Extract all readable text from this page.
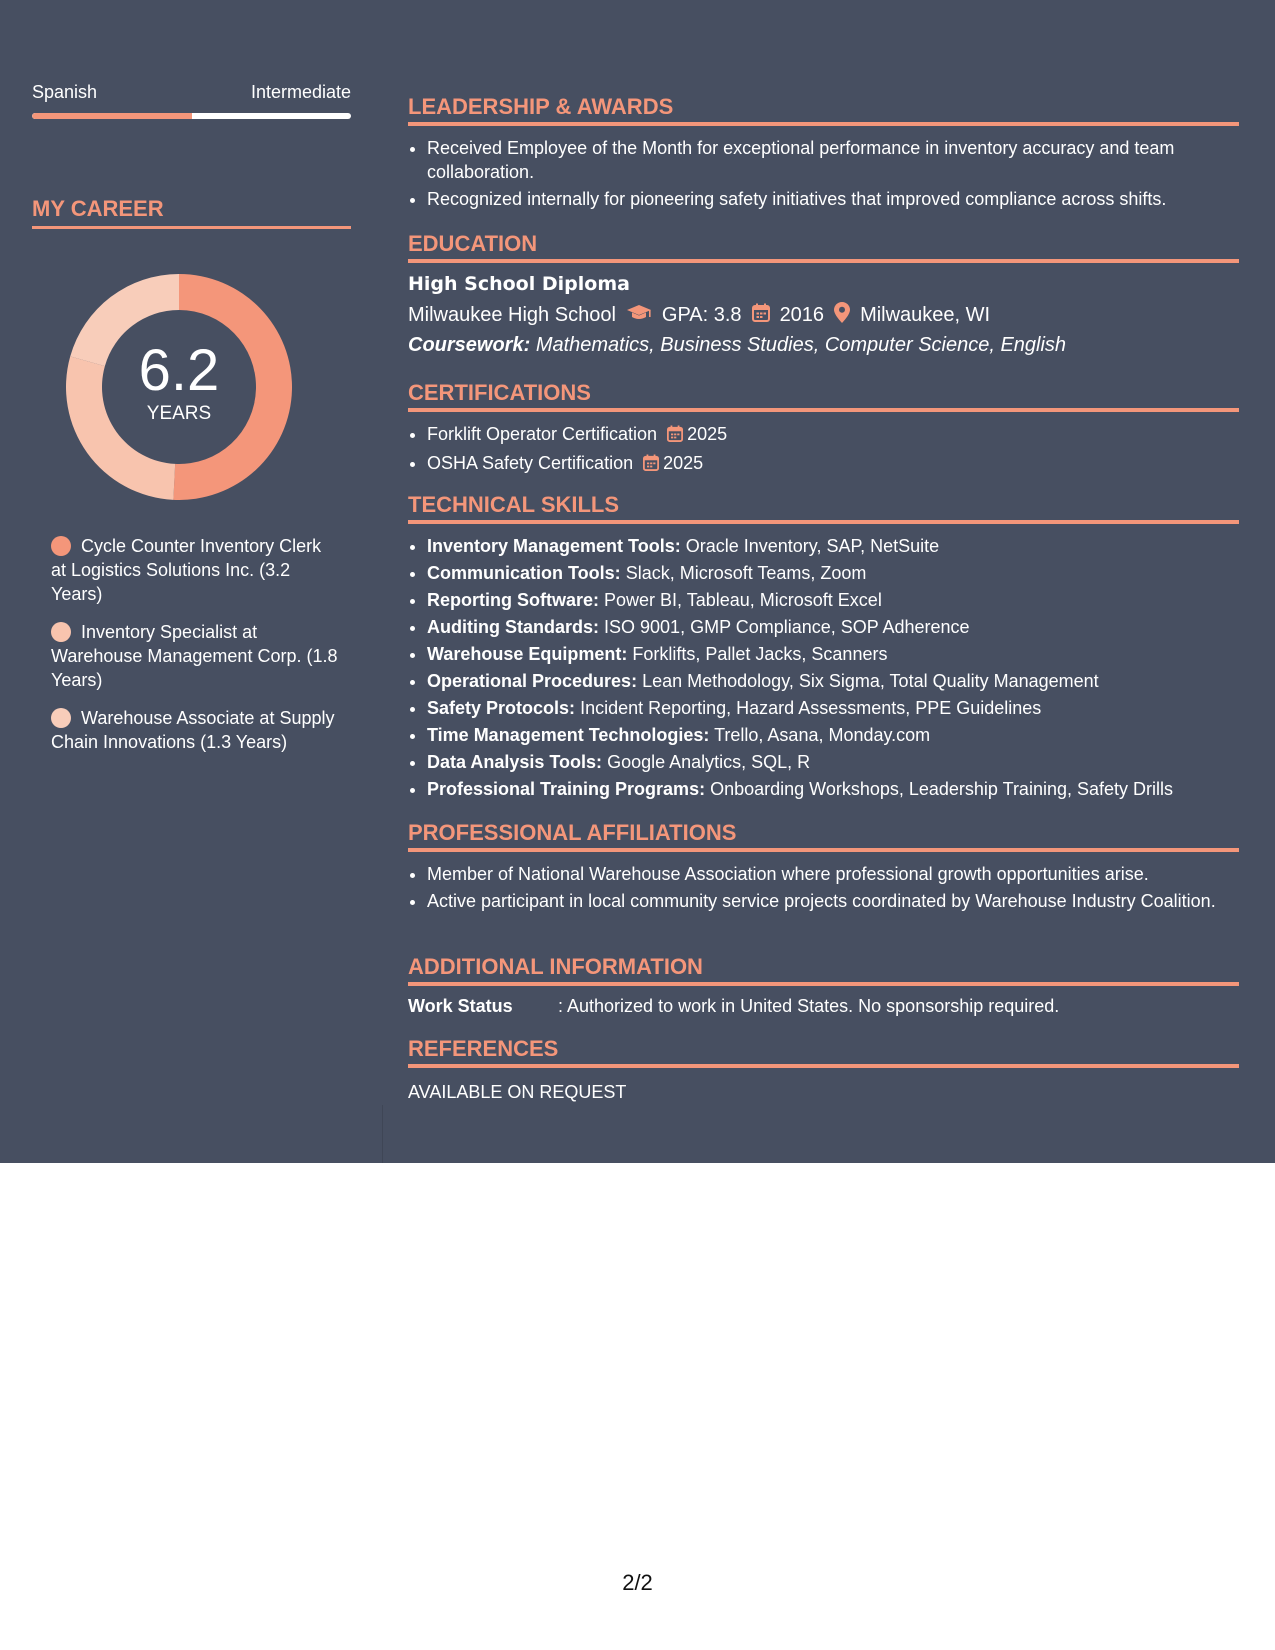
Spanish	Intermediate
MY CAREER
6.2
YEARS
Cycle Counter Inventory Clerk at Logistics Solutions Inc. (3.2 Years)
Inventory Specialist at Warehouse Management Corp. (1.8 Years)
Warehouse Associate at Supply Chain Innovations (1.3 Years)
LEADERSHIP & AWARDS
• Received Employee of the Month for exceptional performance in inventory accuracy and team collaboration.
• Recognized internally for pioneering safety initiatives that improved compliance across shifts.
EDUCATION
High School Diploma
Milwaukee High School GPA: 3.8 2016 Milwaukee, WI
Coursework: Mathematics, Business Studies, Computer Science, English
CERTIFICATIONS
• Forklift Operator Certification 2025
• OSHA Safety Certification 2025
TECHNICAL SKILLS
• Inventory Management Tools: Oracle Inventory, SAP, NetSuite
• Communication Tools: Slack, Microsoft Teams, Zoom
• Reporting Software: Power BI, Tableau, Microsoft Excel
• Auditing Standards: ISO 9001, GMP Compliance, SOP Adherence
• Warehouse Equipment: Forklifts, Pallet Jacks, Scanners
• Operational Procedures: Lean Methodology, Six Sigma, Total Quality Management
• Safety Protocols: Incident Reporting, Hazard Assessments, PPE Guidelines
• Time Management Technologies: Trello, Asana, Monday.com
• Data Analysis Tools: Google Analytics, SQL, R
• Professional Training Programs: Onboarding Workshops, Leadership Training, Safety Drills
PROFESSIONAL AFFILIATIONS
• Member of National Warehouse Association where professional growth opportunities arise.
• Active participant in local community service projects coordinated by Warehouse Industry Coalition.
ADDITIONAL INFORMATION
Work Status	: Authorized to work in United States. No sponsorship required.
REFERENCES
AVAILABLE ON REQUEST
2/2
